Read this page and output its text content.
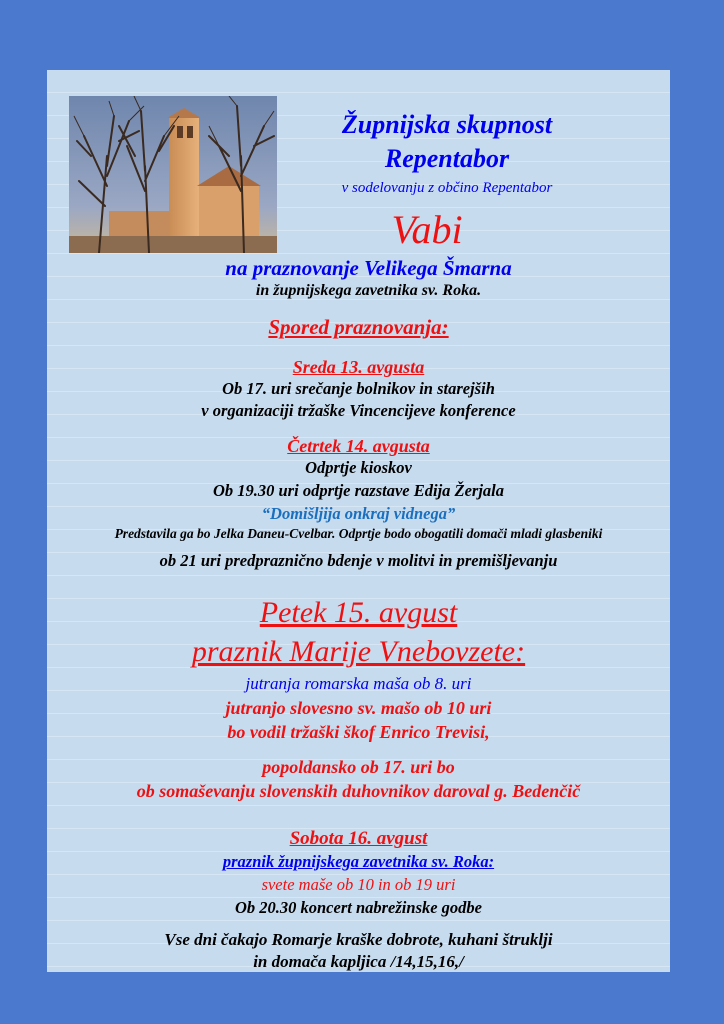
Župnijska skupnost
Repentabor
v sodelovanju z občino Repentabor
Vabi
na praznovanje Velikega Šmarna
in župnijskega zavetnika sv. Roka.
Spored praznovanja:
Sreda 13. avgusta
Ob 17. uri srečanje bolnikov in starejših
v organizaciji tržaške Vincencijeve konference
Četrtek 14. avgusta
Odprtje kioskov
Ob 19.30 uri odprtje razstave Edija Žerjala
“Domišljija onkraj vidnega”
Predstavila ga bo Jelka Daneu-Cvelbar. Odprtje bodo obogatili domači mladi glasbeniki
ob 21 uri predpraznično bdenje v molitvi in premišljevanju
Petek 15. avgust
praznik Marije Vnebovzete:
jutranja romarska maša ob 8. uri
jutranjo slovesno sv. mašo ob 10 uri
bo vodil tržaški škof Enrico Trevisi,
popoldansko ob 17. uri bo
ob somaševanju slovenskih duhovnikov daroval g. Bedenčič
Sobota 16. avgust
praznik župnijskega zavetnika sv. Roka:
svete maše ob 10 in ob 19 uri
Ob 20.30 koncert nabrežinske godbe
Vse dni čakajo Romarje kraške dobrote, kuhani štruklji
in domača kapljica /14,15,16,/
